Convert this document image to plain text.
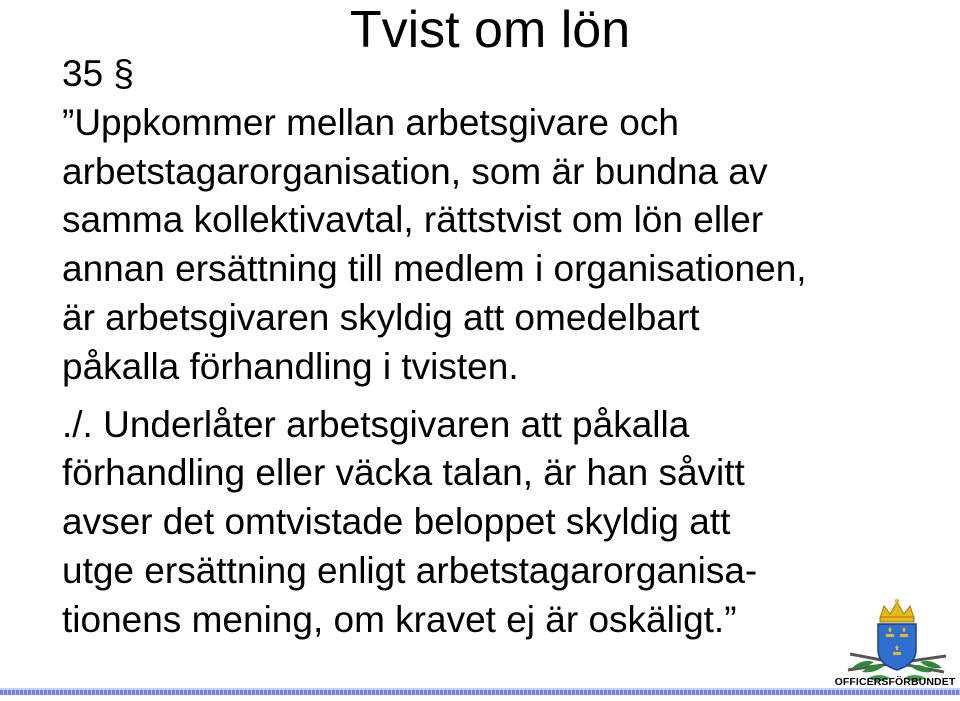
Tvist om lön
35 §
”Uppkommer mellan arbetsgivare och
arbetstagarorganisation, som är bundna av
samma kollektivavtal, rättstvist om lön eller
annan ersättning till medlem i organisationen,
är arbetsgivaren skyldig att omedelbart
påkalla förhandling i tvisten.
./. Underlåter arbetsgivaren att påkalla
förhandling eller väcka talan, är han såvitt
avser det omtvistade beloppet skyldig att
utge ersättning enligt arbetstagarorganisa-
tionens mening, om kravet ej är oskäligt.”
OFFICERSFÖRBUNDET
